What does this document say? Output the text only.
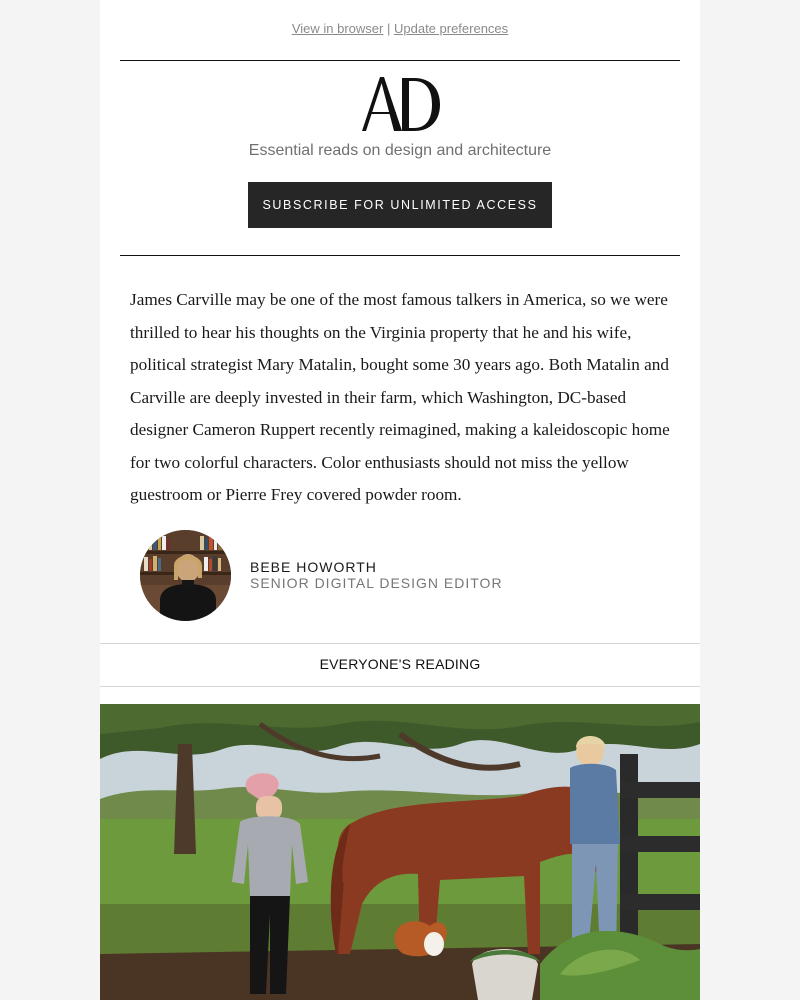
View in browser | Update preferences
Essential reads on design and architecture
SUBSCRIBE FOR UNLIMITED ACCESS

James Carville may be one of the most famous talkers in America, so we were thrilled to hear his thoughts on the Virginia property that he and his wife, political strategist Mary Matalin, bought some 30 years ago. Both Matalin and Carville are deeply invested in their farm, which Washington, DC-based designer Cameron Ruppert recently reimagined, making a kaleidoscopic home for two colorful characters. Color enthusiasts should not miss the yellow guestroom or Pierre Frey covered powder room.

BEBE HOWORTH
SENIOR DIGITAL DESIGN EDITOR
EVERYONE'S READING
